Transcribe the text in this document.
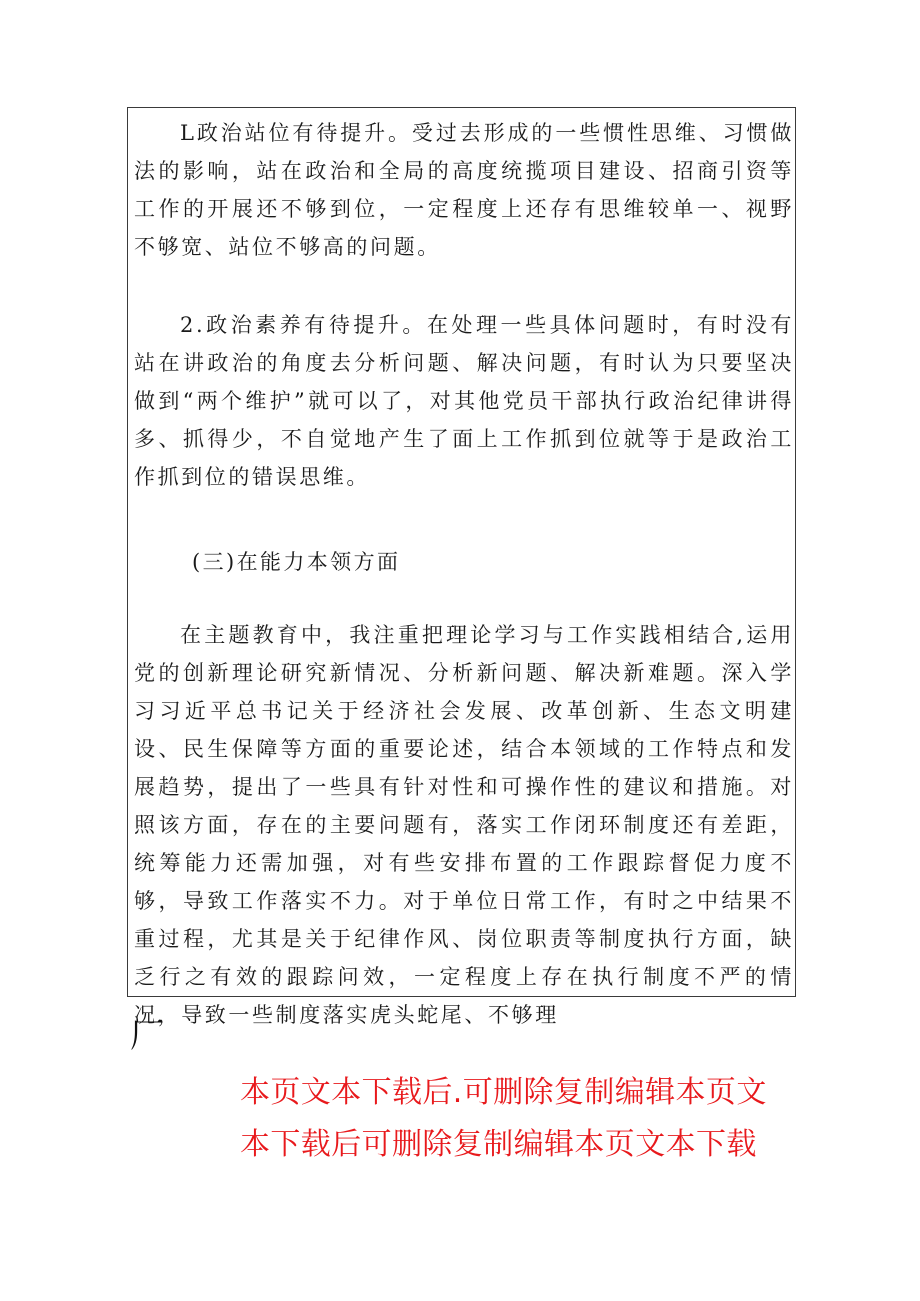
L政治站位有待提升。受过去形成的一些惯性思维、习惯做法的影响，站在政治和全局的高度统揽项目建设、招商引资等工作的开展还不够到位，一定程度上还存有思维较单一、视野不够宽、站位不够高的问题。

2.政治素养有待提升。在处理一些具体问题时，有时没有站在讲政治的角度去分析问题、解决问题，有时认为只要坚决做到“两个维护”就可以了，对其他党员干部执行政治纪律讲得多、抓得少，不自觉地产生了面上工作抓到位就等于是政治工作抓到位的错误思维。

(三)在能力本领方面

在主题教育中，我注重把理论学习与工作实践相结合,运用党的创新理论研究新情况、分析新问题、解决新难题。深入学习习近平总书记关于经济社会发展、改革创新、生态文明建设、民生保障等方面的重要论述，结合本领域的工作特点和发展趋势，提出了一些具有针对性和可操作性的建议和措施。对照该方面，存在的主要问题有，落实工作闭环制度还有差距，统筹能力还需加强，对有些安排布置的工作跟踪督促力度不够，导致工作落实不力。对于单位日常工作，有时之中结果不重过程，尤其是关于纪律作风、岗位职责等制度执行方面，缺乏行之有效的跟踪问效，一定程度上存在执行制度不严的情况，导致一些制度落实虎头蛇尾、不够理

厂
本页文本下载后.可删除复制编辑本页文
本下载后可删除复制编辑本页文本下载
